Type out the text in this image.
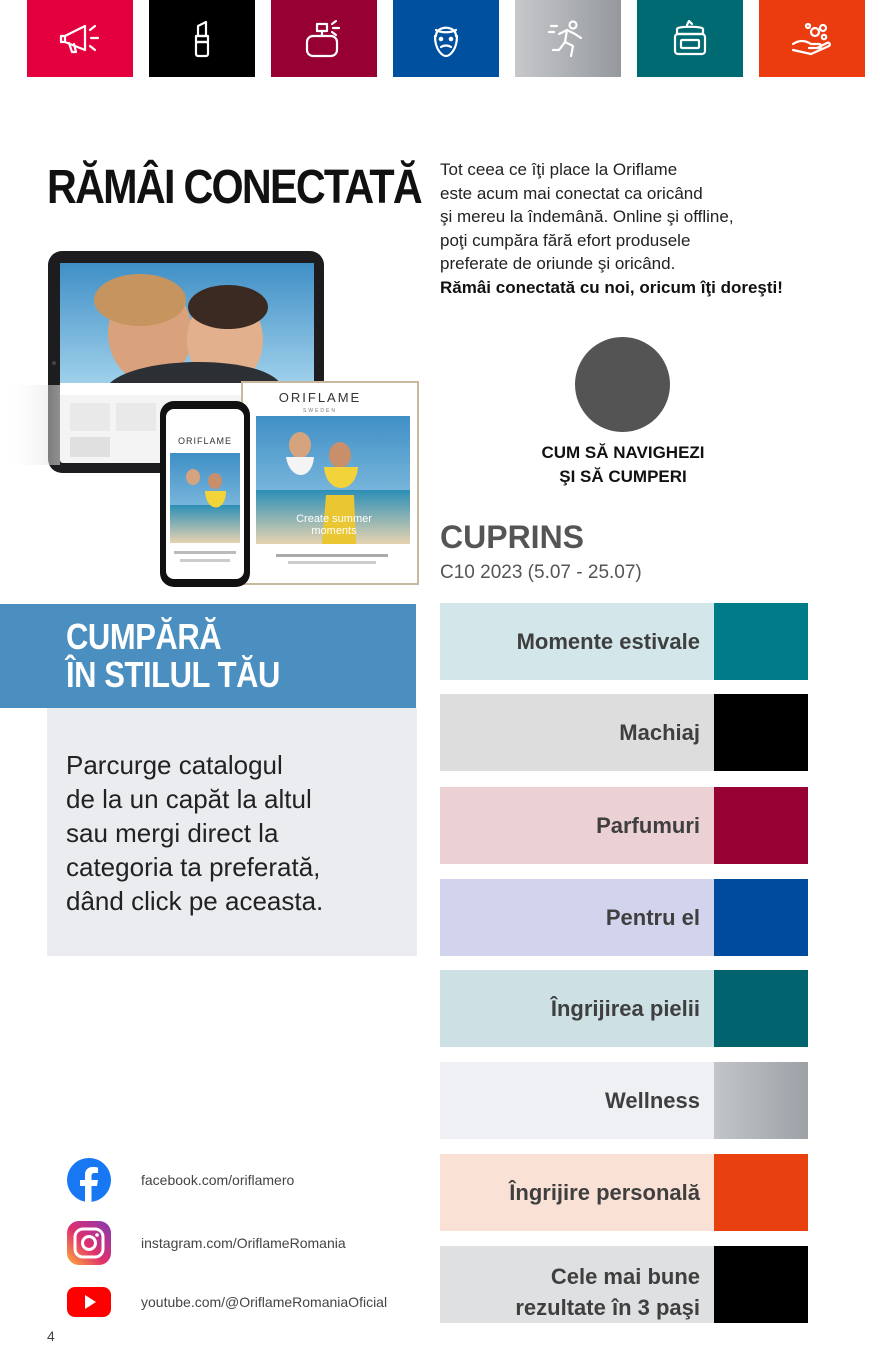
RĂMÂI CONECTATĂ Tot ceea ce îţi place la Oriflame

este acum mai conectat ca oricând

şi mereu la îndemână. Online şi offline,

poţi cumpăra fără efort produsele

preferate de oriunde şi oricând.

Rămâi conectată cu noi, oricum îţi doreşti!

ORIFLAME
SWEDEN
Create summer
moments
ORIFLAME
CUM SĂ NAVIGHEZI
ŞI SĂ CUMPERI
CUPRINS
C10 2023 (5.07 - 25.07)
Momente estivale
Machiaj
Parfumuri
Pentru el
Îngrijirea pielii
Wellness
Îngrijire personală
Cele mai bune
rezultate în 3 paşi
CUMPĂRĂ
ÎN STILUL TĂU
Parcurge catalogul
de la un capăt la altul
sau mergi direct la
categoria ta preferată,
dând click pe aceasta.
facebook.com/oriflamero
instagram.com/OriflameRomania
youtube.com/@OriflameRomaniaOficial
4
